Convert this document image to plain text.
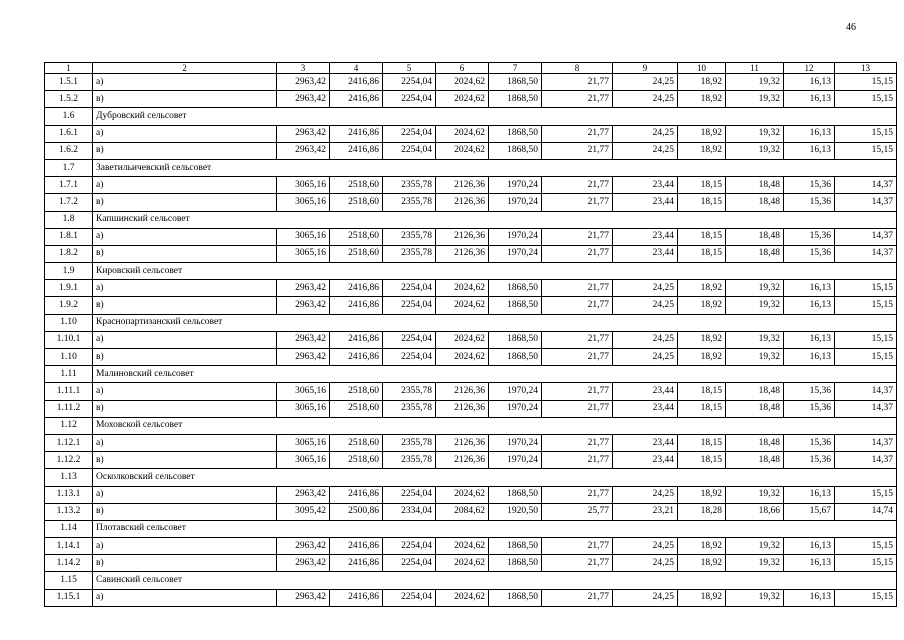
46
1	2	3	4	5	6	7	8	9	10	11	12	13
1.5.1	а)	2963,42	2416,86	2254,04	2024,62	1868,50	21,77	24,25	18,92	19,32	16,13	15,15
1.5.2	в)	2963,42	2416,86	2254,04	2024,62	1868,50	21,77	24,25	18,92	19,32	16,13	15,15
1.6	Дубровский сельсовет											
1.6.1	а)	2963,42	2416,86	2254,04	2024,62	1868,50	21,77	24,25	18,92	19,32	16,13	15,15
1.6.2	в)	2963,42	2416,86	2254,04	2024,62	1868,50	21,77	24,25	18,92	19,32	16,13	15,15
1.7	Заветильичевский сельсовет											
1.7.1	а)	3065,16	2518,60	2355,78	2126,36	1970,24	21,77	23,44	18,15	18,48	15,36	14,37
1.7.2	в)	3065,16	2518,60	2355,78	2126,36	1970,24	21,77	23,44	18,15	18,48	15,36	14,37
1.8	Капшинский сельсовет											
1.8.1	а)	3065,16	2518,60	2355,78	2126,36	1970,24	21,77	23,44	18,15	18,48	15,36	14,37
1.8.2	в)	3065,16	2518,60	2355,78	2126,36	1970,24	21,77	23,44	18,15	18,48	15,36	14,37
1.9	Кировский сельсовет											
1.9.1	а)	2963,42	2416,86	2254,04	2024,62	1868,50	21,77	24,25	18,92	19,32	16,13	15,15
1.9.2	в)	2963,42	2416,86	2254,04	2024,62	1868,50	21,77	24,25	18,92	19,32	16,13	15,15
1.10	Краснопартизанский сельсовет											
1.10.1	а)	2963,42	2416,86	2254,04	2024,62	1868,50	21,77	24,25	18,92	19,32	16,13	15,15
1.10	в)	2963,42	2416,86	2254,04	2024,62	1868,50	21,77	24,25	18,92	19,32	16,13	15,15
1.11	Малиновский сельсовет											
1.11.1	а)	3065,16	2518,60	2355,78	2126,36	1970,24	21,77	23,44	18,15	18,48	15,36	14,37
1.11.2	в)	3065,16	2518,60	2355,78	2126,36	1970,24	21,77	23,44	18,15	18,48	15,36	14,37
1.12	Моховской сельсовет											
1.12.1	а)	3065,16	2518,60	2355,78	2126,36	1970,24	21,77	23,44	18,15	18,48	15,36	14,37
1.12.2	в)	3065,16	2518,60	2355,78	2126,36	1970,24	21,77	23,44	18,15	18,48	15,36	14,37
1.13	Осколковский сельсовет											
1.13.1	а)	2963,42	2416,86	2254,04	2024,62	1868,50	21,77	24,25	18,92	19,32	16,13	15,15
1.13.2	в)	3095,42	2500,86	2334,04	2084,62	1920,50	25,77	23,21	18,28	18,66	15,67	14,74
1.14	Плотавский сельсовет											
1.14.1	а)	2963,42	2416,86	2254,04	2024,62	1868,50	21,77	24,25	18,92	19,32	16,13	15,15
1.14.2	в)	2963,42	2416,86	2254,04	2024,62	1868,50	21,77	24,25	18,92	19,32	16,13	15,15
1.15	Савинский сельсовет											
1.15.1	а)	2963,42	2416,86	2254,04	2024,62	1868,50	21,77	24,25	18,92	19,32	16,13	15,15
